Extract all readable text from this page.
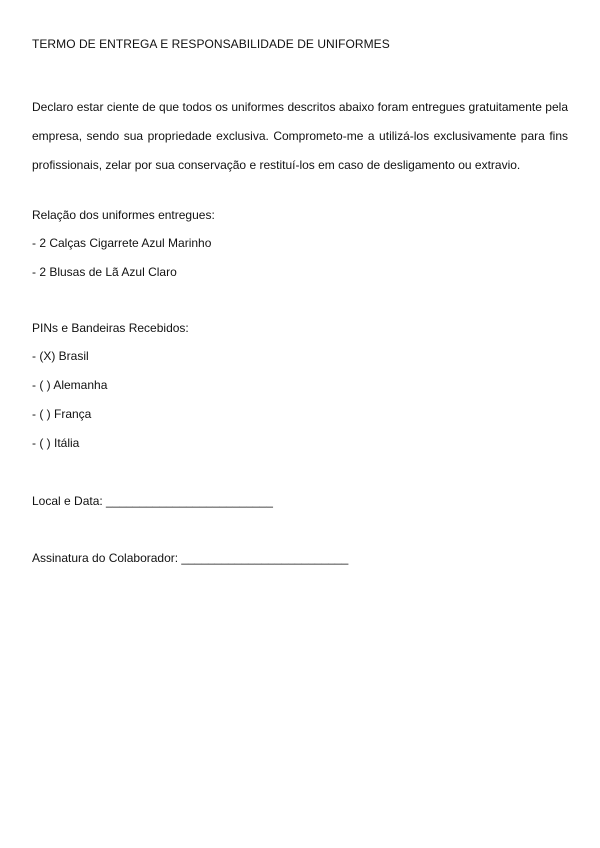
TERMO DE ENTREGA E RESPONSABILIDADE DE UNIFORMES
Declaro estar ciente de que todos os uniformes descritos abaixo foram entregues gratuitamente pela empresa, sendo sua propriedade exclusiva. Comprometo-me a utilizá-los exclusivamente para fins profissionais, zelar por sua conservação e restituí-los em caso de desligamento ou extravio.
Relação dos uniformes entregues:
- 2 Calças Cigarrete Azul Marinho
- 2 Blusas de Lã Azul Claro
PINs e Bandeiras Recebidos:
- (X) Brasil
- ( ) Alemanha
- ( ) França
- ( ) Itália
Local e Data: _________________________
Assinatura do Colaborador: _________________________
